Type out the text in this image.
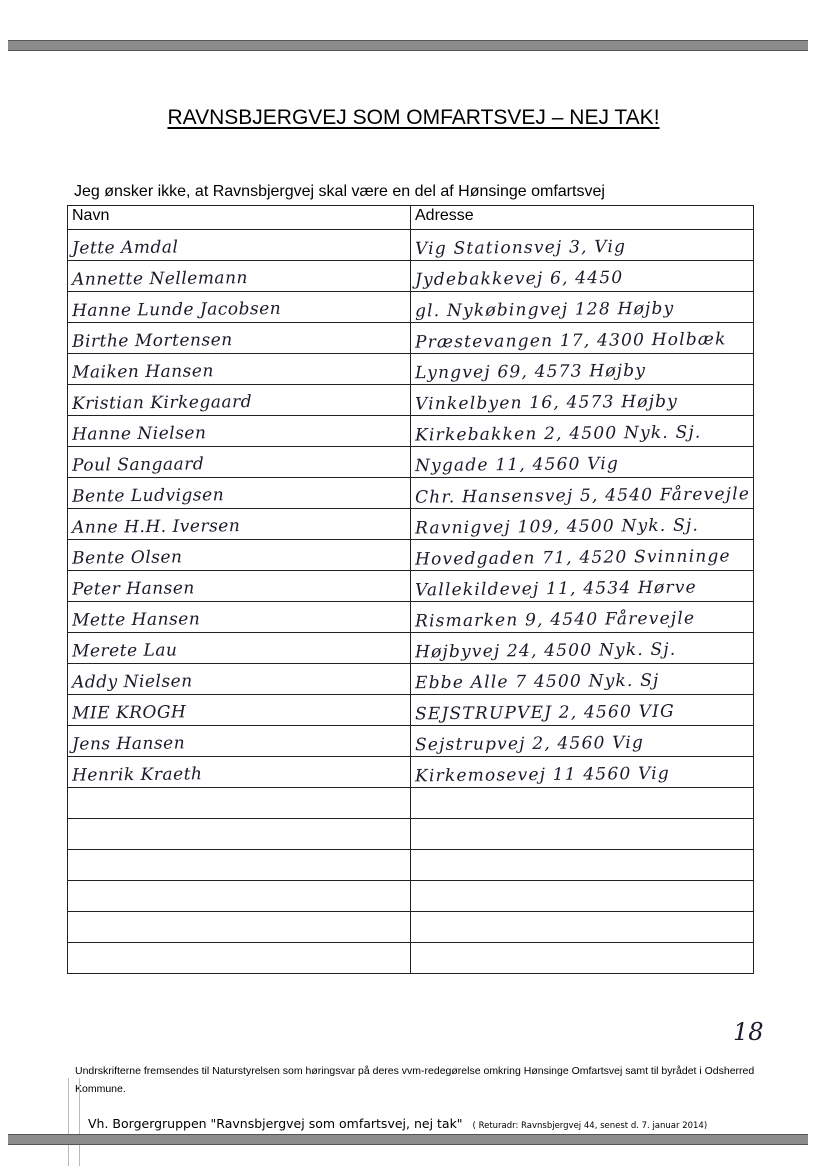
RAVNSBJERGVEJ SOM OMFARTSVEJ – NEJ TAK!
Jeg ønsker ikke, at Ravnsbjergvej skal være en del af Hønsinge omfartsvej
Navn	Adresse
Jette Amdal	Vig Stationsvej 3, Vig
Annette Nellemann	Jydebakkevej 6, 4450
Hanne Lunde Jacobsen	gl. Nykøbingvej 128 Højby
Birthe Mortensen	Præstevangen 17, 4300 Holbæk
Maiken Hansen	Lyngvej 69, 4573 Højby
Kristian Kirkegaard	Vinkelbyen 16, 4573 Højby
Hanne Nielsen	Kirkebakken 2, 4500 Nyk. Sj.
Poul Sangaard	Nygade 11, 4560 Vig
Bente Ludvigsen	Chr. Hansensvej 5, 4540 Fårevejle
Anne H.H. Iversen	Ravnigvej 109, 4500 Nyk. Sj.
Bente Olsen	Hovedgaden 71, 4520 Svinninge
Peter Hansen	Vallekildevej 11, 4534 Hørve
Mette Hansen	Rismarken 9, 4540 Fårevejle
Merete Lau	Højbyvej 24, 4500 Nyk. Sj.
Addy Nielsen	Ebbe Alle 7 4500 Nyk. Sj
MIE KROGH	SEJSTRUPVEJ 2, 4560 VIG
Jens Hansen	Sejstrupvej 2, 4560 Vig
Henrik Kraeth	Kirkemosevej 11 4560 Vig

18
Undrskrifterne fremsendes til Naturstyrelsen som høringsvar på deres vvm-redegørelse omkring Hønsinge Omfartsvej samt til byrådet i Odsherred Kommune.
Vh. Borgergruppen "Ravnsbjergvej som omfartsvej, nej tak" ( Returadr: Ravnsbjergvej 44, senest d. 7. januar 2014)
